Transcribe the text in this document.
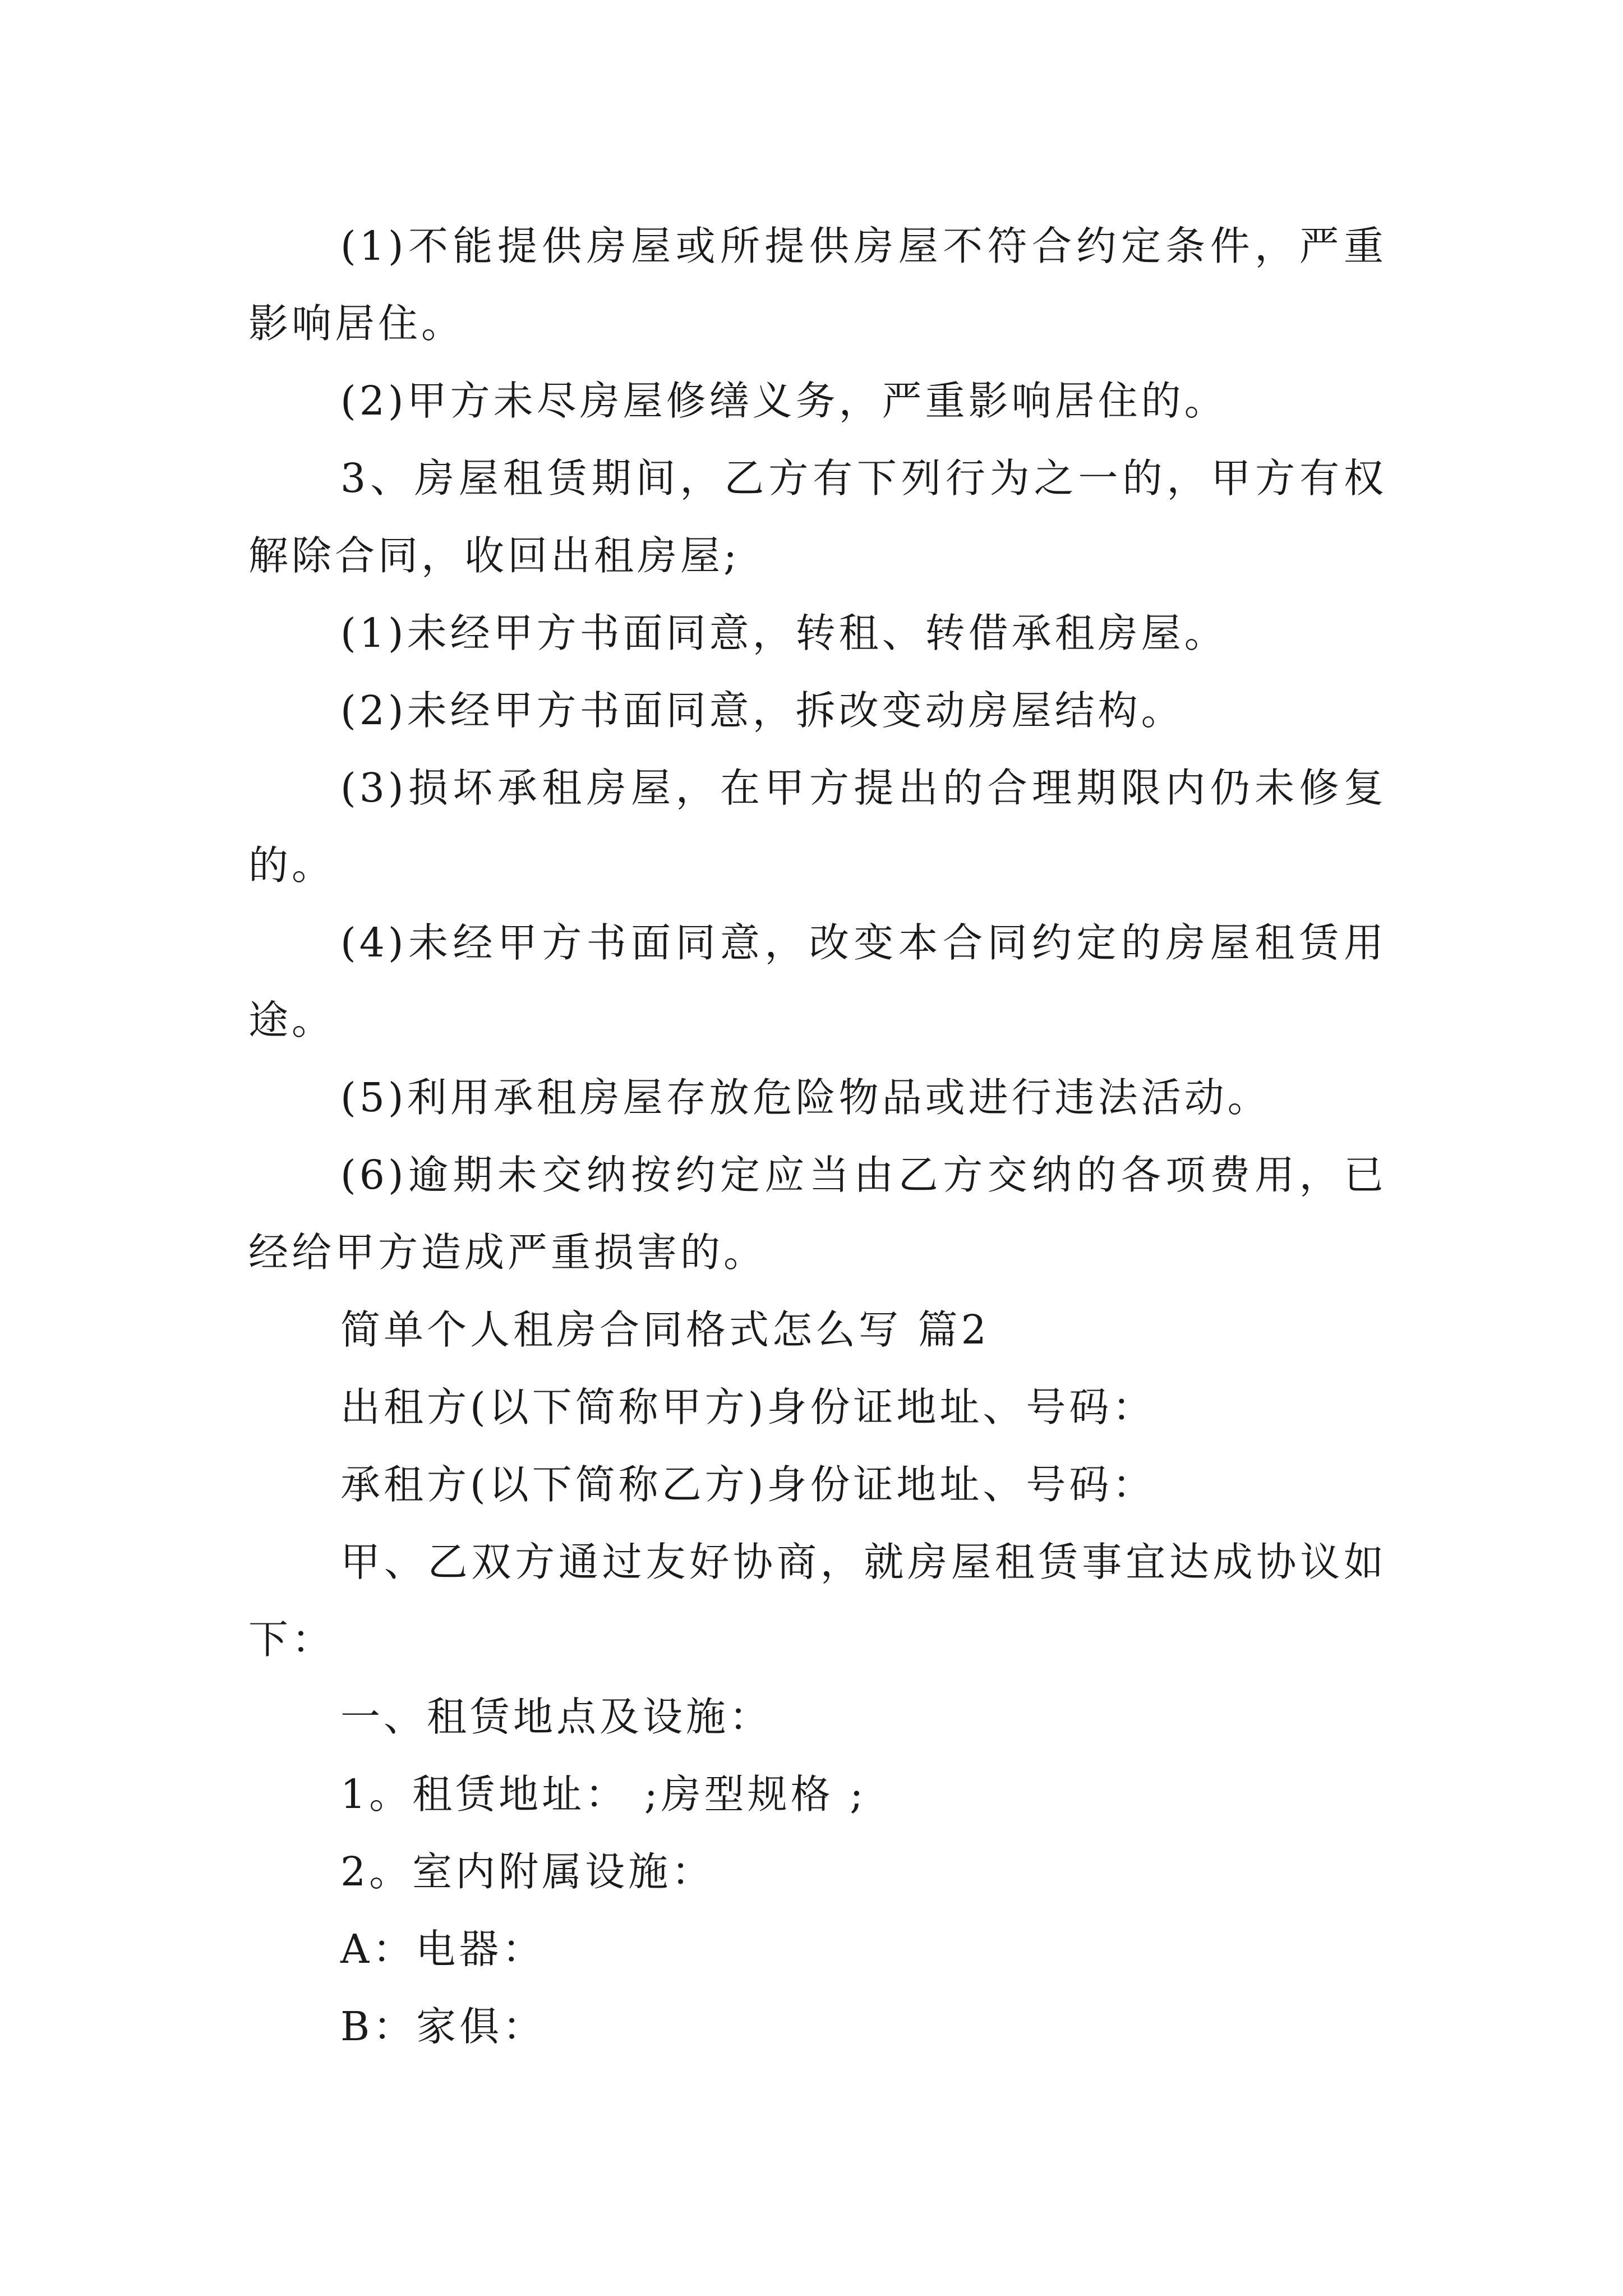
(1)不能提供房屋或所提供房屋不符合约定条件，严重影响居住。

(2)甲方未尽房屋修缮义务，严重影响居住的。

3、房屋租赁期间，乙方有下列行为之一的，甲方有权解除合同，收回出租房屋;

(1)未经甲方书面同意，转租、转借承租房屋。

(2)未经甲方书面同意，拆改变动房屋结构。

(3)损坏承租房屋，在甲方提出的合理期限内仍未修复的。

(4)未经甲方书面同意，改变本合同约定的房屋租赁用途。

(5)利用承租房屋存放危险物品或进行违法活动。

(6)逾期未交纳按约定应当由乙方交纳的各项费用，已经给甲方造成严重损害的。

简单个人租房合同格式怎么写 篇2

出租方(以下简称甲方)身份证地址、号码：

承租方(以下简称乙方)身份证地址、号码：

甲、乙双方通过友好协商，就房屋租赁事宜达成协议如下：

一、租赁地点及设施：

1。租赁地址： ;房型规格 ;

2。室内附属设施：

A：电器：

B：家俱：
